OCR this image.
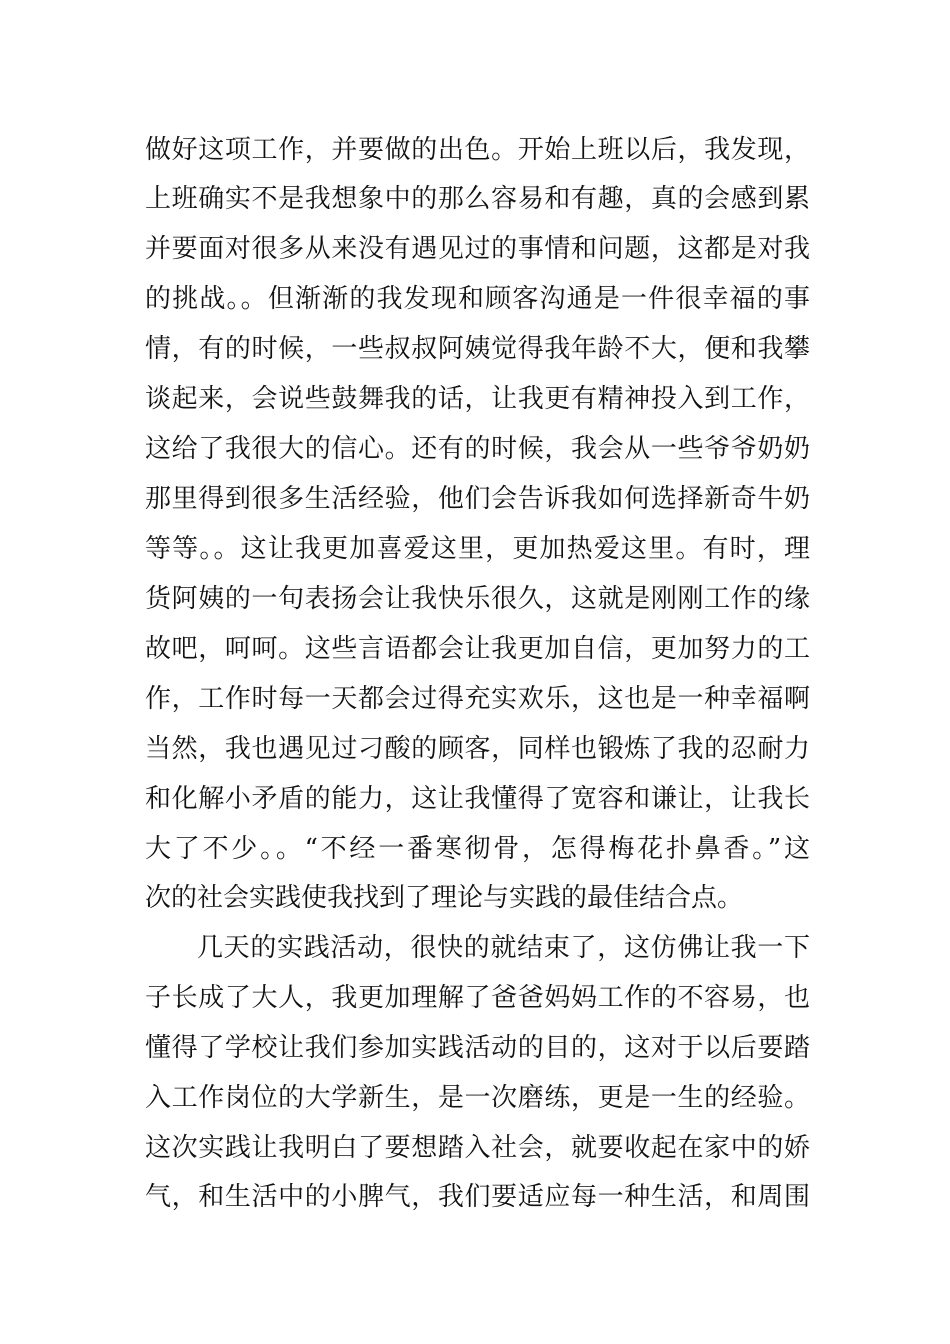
做好这项工作，并要做的出色。开始上班以后，我发现，
上班确实不是我想象中的那么容易和有趣，真的会感到累
并要面对很多从来没有遇见过的事情和问题，这都是对我
的挑战。。但渐渐的我发现和顾客沟通是一件很幸福的事
情，有的时候，一些叔叔阿姨觉得我年龄不大，便和我攀
谈起来，会说些鼓舞我的话，让我更有精神投入到工作，
这给了我很大的信心。还有的时候，我会从一些爷爷奶奶
那里得到很多生活经验，他们会告诉我如何选择新奇牛奶
等等。。这让我更加喜爱这里，更加热爱这里。有时，理
货阿姨的一句表扬会让我快乐很久，这就是刚刚工作的缘
故吧，呵呵。这些言语都会让我更加自信，更加努力的工
作，工作时每一天都会过得充实欢乐，这也是一种幸福啊
当然，我也遇见过刁酸的顾客，同样也锻炼了我的忍耐力
和化解小矛盾的能力，这让我懂得了宽容和谦让，让我长
大了不少。。“不经一番寒彻骨，怎得梅花扑鼻香。”这
次的社会实践使我找到了理论与实践的最佳结合点。
几天的实践活动，很快的就结束了，这仿佛让我一下
子长成了大人，我更加理解了爸爸妈妈工作的不容易，也
懂得了学校让我们参加实践活动的目的，这对于以后要踏
入工作岗位的大学新生，是一次磨练，更是一生的经验。
这次实践让我明白了要想踏入社会，就要收起在家中的娇
气，和生活中的小脾气，我们要适应每一种生活，和周围
